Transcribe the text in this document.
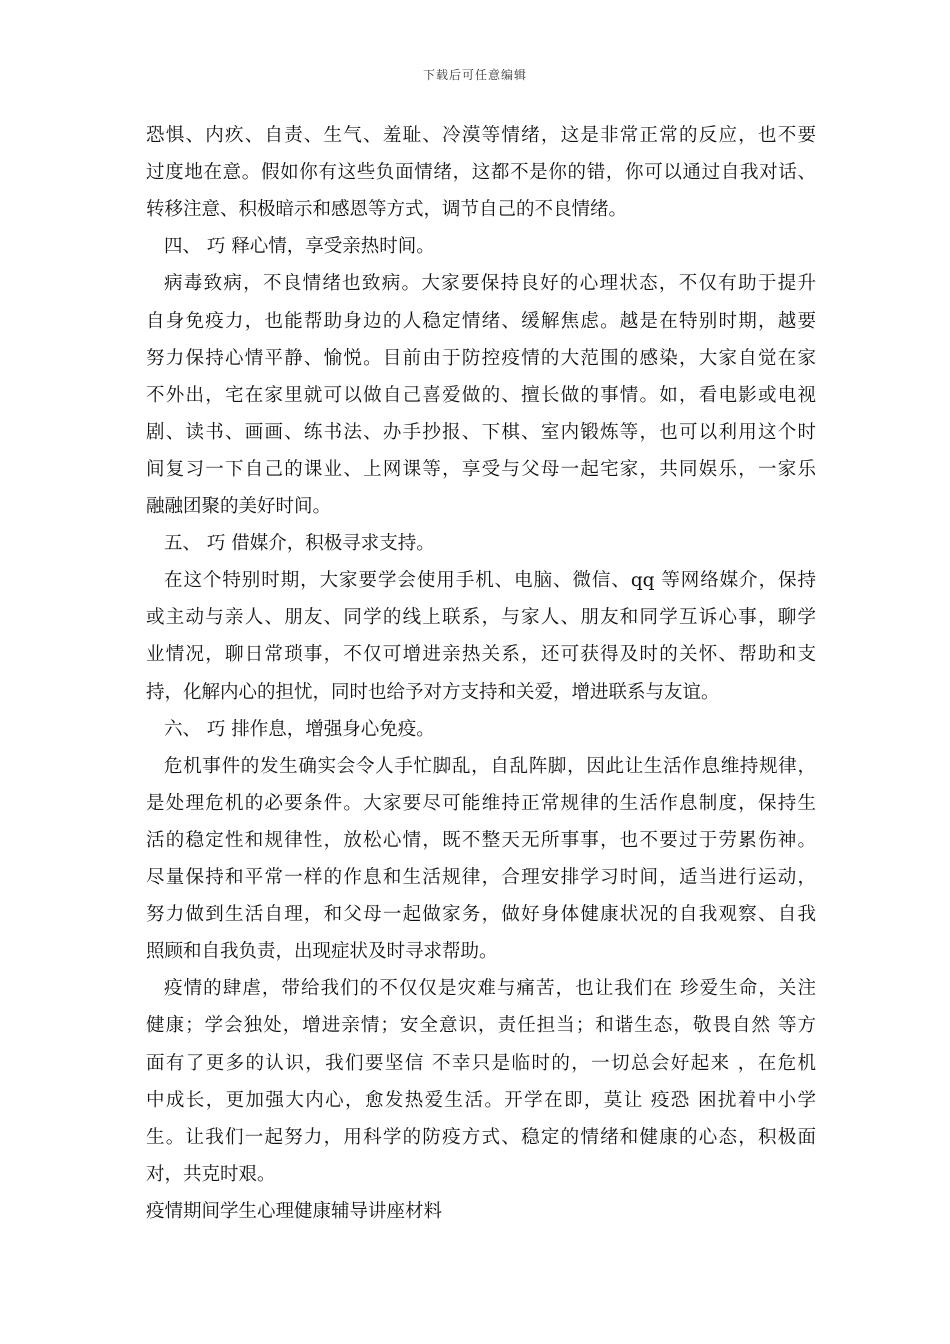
下载后可任意编辑
恐惧、内疚、自责、生气、羞耻、冷漠等情绪，这是非常正常的反应，也不要
过度地在意。假如你有这些负面情绪，这都不是你的错，你可以通过自我对话、
转移注意、积极暗示和感恩等方式，调节自己的不良情绪。
四、 巧 释心情，享受亲热时间。
病毒致病，不良情绪也致病。大家要保持良好的心理状态，不仅有助于提升
自身免疫力，也能帮助身边的人稳定情绪、缓解焦虑。越是在特别时期，越要
努力保持心情平静、愉悦。目前由于防控疫情的大范围的感染，大家自觉在家
不外出，宅在家里就可以做自己喜爱做的、擅长做的事情。如，看电影或电视
剧、读书、画画、练书法、办手抄报、下棋、室内锻炼等，也可以利用这个时
间复习一下自己的课业、上网课等，享受与父母一起宅家，共同娱乐，一家乐
融融团聚的美好时间。
五、 巧 借媒介，积极寻求支持。
在这个特别时期，大家要学会使用手机、电脑、微信、qq 等网络媒介，保持
或主动与亲人、朋友、同学的线上联系，与家人、朋友和同学互诉心事，聊学
业情况，聊日常琐事，不仅可增进亲热关系，还可获得及时的关怀、帮助和支
持，化解内心的担忧，同时也给予对方支持和关爱，增进联系与友谊。
六、 巧 排作息，增强身心免疫。
危机事件的发生确实会令人手忙脚乱，自乱阵脚，因此让生活作息维持规律，
是处理危机的必要条件。大家要尽可能维持正常规律的生活作息制度，保持生
活的稳定性和规律性，放松心情，既不整天无所事事，也不要过于劳累伤神。
尽量保持和平常一样的作息和生活规律，合理安排学习时间，适当进行运动，
努力做到生活自理，和父母一起做家务，做好身体健康状况的自我观察、自我
照顾和自我负责，出现症状及时寻求帮助。
疫情的肆虐，带给我们的不仅仅是灾难与痛苦，也让我们在 珍爱生命，关注
健康；学会独处，增进亲情；安全意识，责任担当；和谐生态，敬畏自然 等方
面有了更多的认识，我们要坚信 不幸只是临时的，一切总会好起来 ，在危机
中成长，更加强大内心，愈发热爱生活。开学在即，莫让 疫恐 困扰着中小学
生。让我们一起努力，用科学的防疫方式、稳定的情绪和健康的心态，积极面
对，共克时艰。
疫情期间学生心理健康辅导讲座材料
